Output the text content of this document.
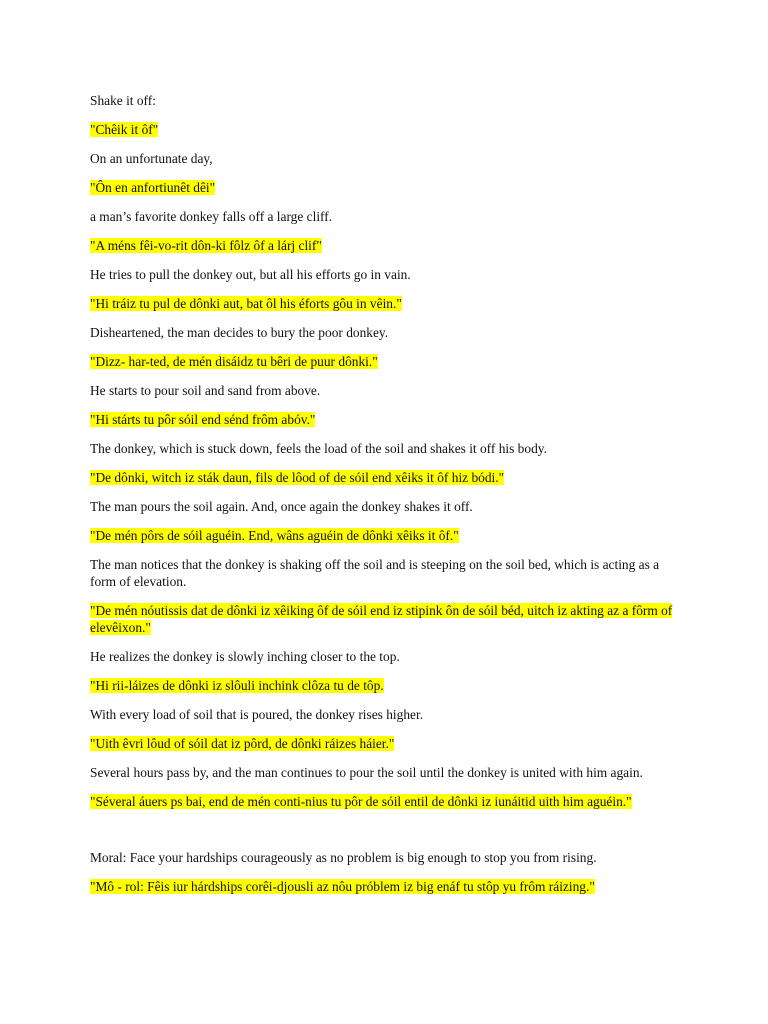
Shake it off:

"Chêik it ôf"

On an unfortunate day,

"Ôn en anfortiunêt dêi"

a man’s favorite donkey falls off a large cliff.

"A méns fêi-vo-rit dôn-ki fôlz ôf a lárj clif"

He tries to pull the donkey out, but all his efforts go in vain.

"Hi tráiz tu pul de dônki aut, bat ôl his éforts gôu in vêin."

Disheartened, the man decides to bury the poor donkey.

"Dizz- har-ted, de mén disáidz tu bêri de puur dônki."

He starts to pour soil and sand from above.

"Hi stárts tu pôr sóil end sénd frôm abóv."

The donkey, which is stuck down, feels the load of the soil and shakes it off his body.

"De dônki, witch iz sták daun, fils de lôod of de sóil end xêiks it ôf hiz bódi."

The man pours the soil again. And, once again the donkey shakes it off.

"De mén pôrs de sóil aguéin. End, wâns aguéin de dônki xêiks it ôf."

The man notices that the donkey is shaking off the soil and is steeping on the soil bed, which is acting as a form of elevation.

"De mén nóutissis dat de dônki iz xêiking ôf de sóil end iz stipink ôn de sóil béd, uitch iz akting az a fôrm of elevêixon."

He realizes the donkey is slowly inching closer to the top.

"Hi rii-láizes de dônki iz slôuli inchink clôza tu de tôp.

With every load of soil that is poured, the donkey rises higher.

"Uith êvri lôud of sóil dat iz pôrd, de dônki ráizes háier."

Several hours pass by, and the man continues to pour the soil until the donkey is united with him again.

"Séveral áuers ps bai, end de mén conti-nius tu pôr de sóil entil de dônki iz iunáitid uith him aguéin."

Moral: Face your hardships courageously as no problem is big enough to stop you from rising.

"Mô - rol: Fêis iur hárdships corêi-djousli az nôu próblem iz big enáf tu stôp yu frôm ráizing."
